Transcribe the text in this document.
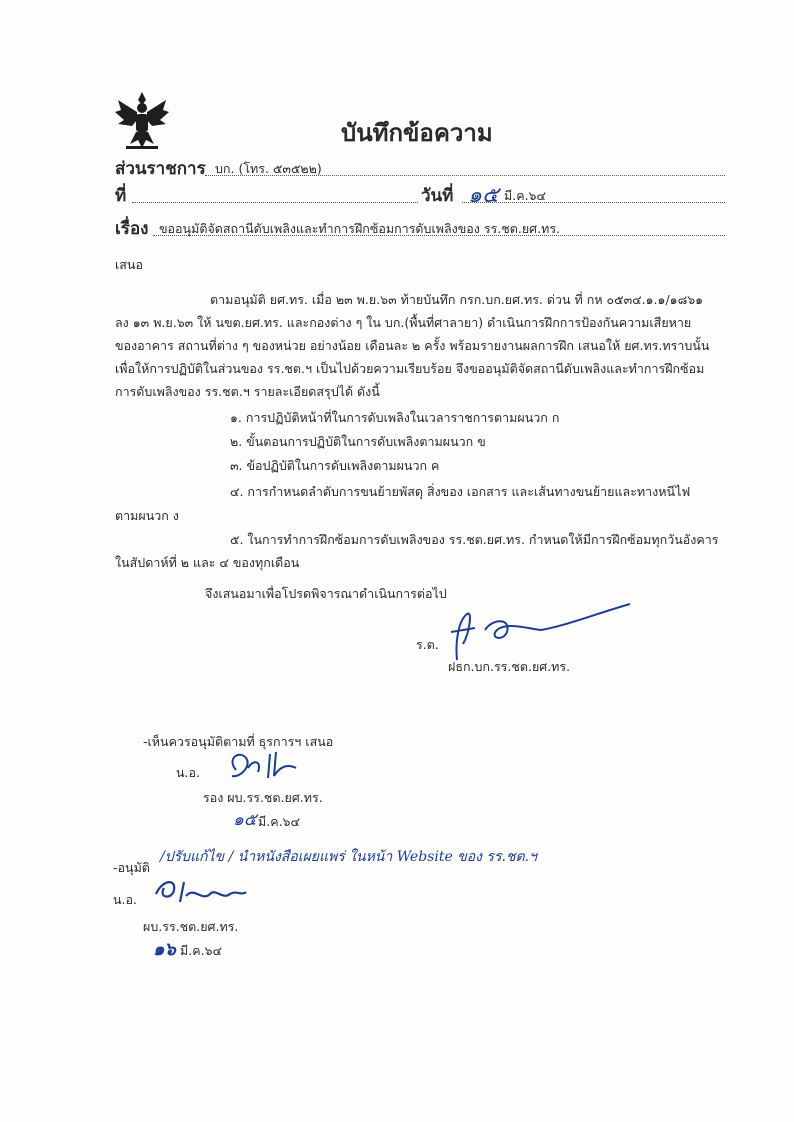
บันทึกข้อความ
ส่วนราชการ บก. (โทร. ๕๓๕๒๒)
ที่	วันที่ ๑๕ มี.ค.๖๔
เรื่อง ขออนุมัติจัดสถานีดับเพลิงและทำการฝึกซ้อมการดับเพลิงของ รร.ชต.ยศ.ทร.
เสนอ
ตามอนุมัติ ยศ.ทร. เมื่อ ๒๓ พ.ย.๖๓ ท้ายบันทึก กรก.บก.ยศ.ทร. ด่วน ที่ กห ๐๕๓๔.๑.๑/๑๘๖๑
ลง ๑๓ พ.ย.๖๓ ให้ นขต.ยศ.ทร. และกองต่าง ๆ ใน บก.(พื้นที่ศาลายา) ดำเนินการฝึกการป้องกันความเสียหาย
ของอาคาร สถานที่ต่าง ๆ ของหน่วย อย่างน้อย เดือนละ ๒ ครั้ง พร้อมรายงานผลการฝึก เสนอให้ ยศ.ทร.ทราบนั้น
เพื่อให้การปฏิบัติในส่วนของ รร.ชต.ฯ เป็นไปด้วยความเรียบร้อย จึงขออนุมัติจัดสถานีดับเพลิงและทำการฝึกซ้อม
การดับเพลิงของ รร.ชต.ฯ รายละเอียดสรุปได้ ดังนี้
๑. การปฏิบัติหน้าที่ในการดับเพลิงในเวลาราชการตามผนวก ก
๒. ขั้นตอนการปฏิบัติในการดับเพลิงตามผนวก ข
๓. ข้อปฏิบัติในการดับเพลิงตามผนวก ค
๔. การกำหนดลำดับการขนย้ายพัสดุ สิ่งของ เอกสาร และเส้นทางขนย้ายและทางหนีไฟ
ตามผนวก ง
๕. ในการทำการฝึกซ้อมการดับเพลิงของ รร.ชต.ยศ.ทร. กำหนดให้มีการฝึกซ้อมทุกวันอังคาร
ในสัปดาห์ที่ ๒ และ ๔ ของทุกเดือน
จึงเสนอมาเพื่อโปรดพิจารณาดำเนินการต่อไป
ร.ต.
ฝธก.บก.รร.ชต.ยศ.ทร.
-เห็นควรอนุมัติตามที่ ธุรการฯ เสนอ
น.อ.
รอง ผบ.รร.ชต.ยศ.ทร.
๑๕ มี.ค.๖๔
-อนุมัติ
/ปรับแก้ไข / นำหนังสือเผยแพร่ ในหน้า Website ของ รร.ชต.ฯ
น.อ.
ผบ.รร.ชต.ยศ.ทร.
๑๖ มี.ค.๖๔
